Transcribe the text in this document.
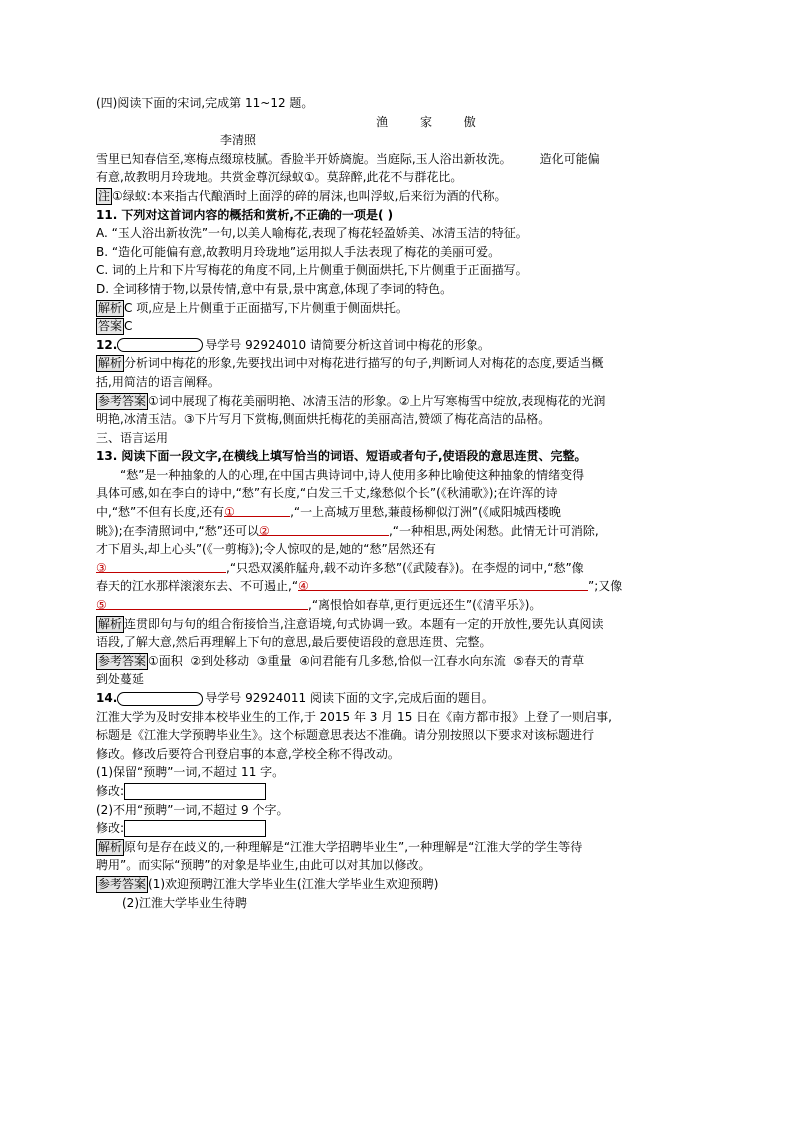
(四)阅读下面的宋词,完成第 11~12 题。
渔 家 傲
李清照
雪里已知春信至,寒梅点缀琼枝腻。香脸半开娇旖旎。当庭际,玉人浴出新妆洗。 造化可能偏
有意,故教明月玲珑地。共赏金尊沉绿蚁①。莫辞醉,此花不与群花比。
注 ①绿蚁:本来指古代酿酒时上面浮的碎的屑沫,也叫浮蚁,后来衍为酒的代称。
11. 下列对这首词内容的概括和赏析,不正确的一项是( )
A. “玉人浴出新妆洗”一句,以美人喻梅花,表现了梅花轻盈娇美、冰清玉洁的特征。
B. “造化可能偏有意,故教明月玲珑地”运用拟人手法表现了梅花的美丽可爱。
C. 词的上片和下片写梅花的角度不同,上片侧重于侧面烘托,下片侧重于正面描写。
D. 全词移情于物,以景传情,意中有景,景中寓意,体现了李词的特色。
解析 C 项,应是上片侧重于正面描写,下片侧重于侧面烘托。
答案 C
12.	导学号 92924010 请简要分析这首词中梅花的形象。
解析 分析词中梅花的形象,先要找出词中对梅花进行描写的句子,判断词人对梅花的态度,要适当概
括,用简洁的语言阐释。
参考答案 ①词中展现了梅花美丽明艳、冰清玉洁的形象。②上片写寒梅雪中绽放,表现梅花的光润
明艳,冰清玉洁。③下片写月下赏梅,侧面烘托梅花的美丽高洁,赞颂了梅花高洁的品格。
三、语言运用
13. 阅读下面一段文字,在横线上填写恰当的词语、短语或者句子,使语段的意思连贯、完整。
“愁”是一种抽象的人的心理,在中国古典诗词中,诗人使用多种比喻使这种抽象的情绪变得
具体可感,如在李白的诗中,“愁”有长度,“白发三千丈,缘愁似个长”(《秋浦歌》);在许浑的诗
中,“愁”不但有长度,还有①	,“一上高城万里愁,蒹葭杨柳似汀洲”(《咸阳城西楼晚
眺》);在李清照词中,“愁”还可以②	,“一种相思,两处闲愁。此情无计可消除,
才下眉头,却上心头”(《一剪梅》);令人惊叹的是,她的“愁”居然还有
③	,“只恐双溪舴艋舟,载不动许多愁”(《武陵春》)。在李煜的词中,“愁”像
春天的江水那样滚滚东去、不可遏止,“④	”;又像
⑤	,“离恨恰如春草,更行更远还生”(《清平乐》)。
解析 连贯即句与句的组合衔接恰当,注意语境,句式协调一致。本题有一定的开放性,要先认真阅读
语段,了解大意,然后再理解上下句的意思,最后要使语段的意思连贯、完整。
参考答案 ①面积  ②到处移动  ③重量  ④问君能有几多愁,恰似一江春水向东流  ⑤春天的青草
到处蔓延
14.	导学号 92924011 阅读下面的文字,完成后面的题目。
江淮大学为及时安排本校毕业生的工作,于 2015 年 3 月 15 日在《南方都市报》上登了一则启事,
标题是《江淮大学预聘毕业生》。这个标题意思表达不准确。请分别按照以下要求对该标题进行
修改。修改后要符合刊登启事的本意,学校全称不得改动。
(1)保留“预聘”一词,不超过 11 字。
修改:
(2)不用“预聘”一词,不超过 9 个字。
修改:
解析 原句是存在歧义的,一种理解是“江淮大学招聘毕业生”,一种理解是“江淮大学的学生等待
聘用”。而实际“预聘”的对象是毕业生,由此可以对其加以修改。
参考答案 (1)欢迎预聘江淮大学毕业生(江淮大学毕业生欢迎预聘)
(2)江淮大学毕业生待聘
